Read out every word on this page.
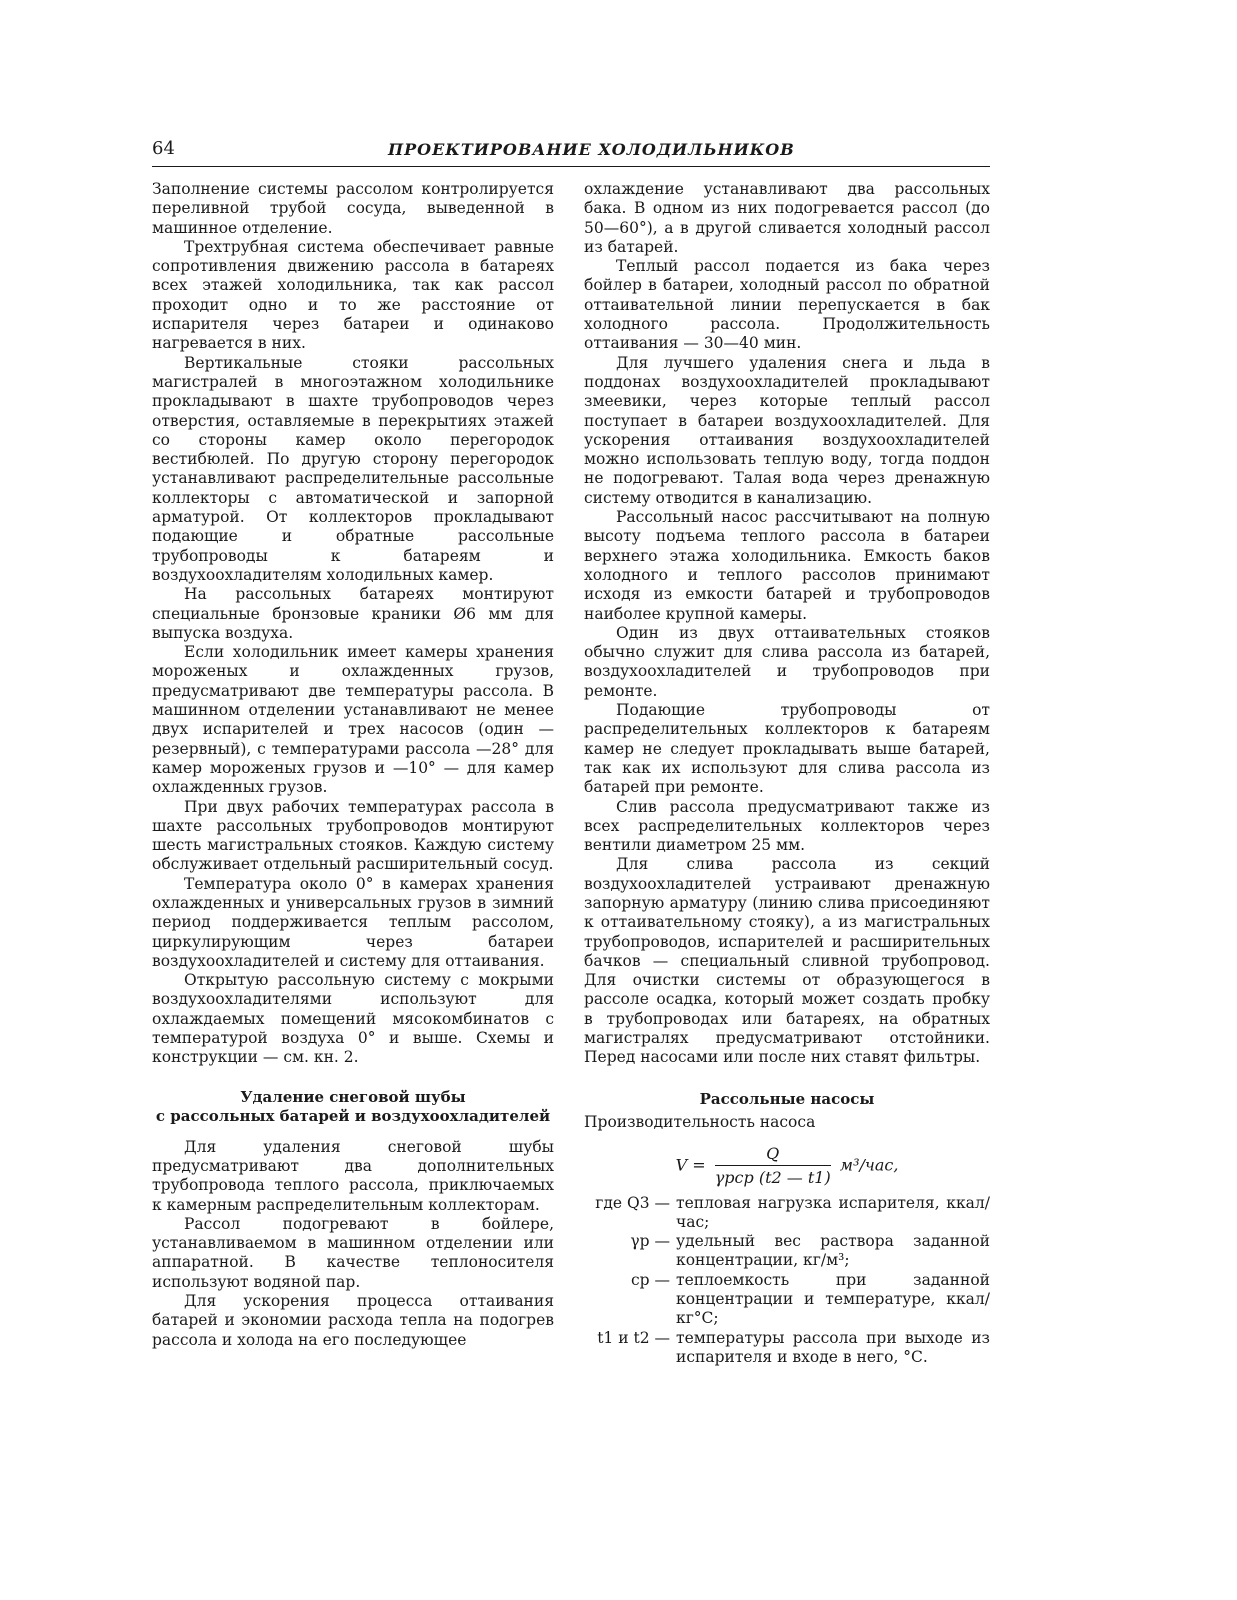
64	ПРОЕКТИРОВАНИЕ ХОЛОДИЛЬНИКОВ

Заполнение системы рассолом контролируется переливной трубой сосуда, выведенной в машинное отделение.

Трехтрубная система обеспечивает равные сопротивления движению рассола в батареях всех этажей холодильника, так как рассол проходит одно и то же расстояние от испарителя через батареи и одинаково нагревается в них.

Вертикальные стояки рассольных магистралей в многоэтажном холодильнике прокладывают в шахте трубопроводов через отверстия, оставляемые в перекрытиях этажей со стороны камер около перегородок вестибюлей. По другую сторону перегородок устанавливают распределительные рассольные коллекторы с автоматической и запорной арматурой. От коллекторов прокладывают подающие и обратные рассольные трубопроводы к батареям и воздухоохладителям холодильных камер.

На рассольных батареях монтируют специальные бронзовые краники Ø6 мм для выпуска воздуха.

Если холодильник имеет камеры хранения мороженых и охлажденных грузов, предусматривают две температуры рассола. В машинном отделении устанавливают не менее двух испарителей и трех насосов (один — резервный), с температурами рассола —28° для камер мороженых грузов и —10° — для камер охлажденных грузов.

При двух рабочих температурах рассола в шахте рассольных трубопроводов монтируют шесть магистральных стояков. Каждую систему обслуживает отдельный расширительный сосуд.

Температура около 0° в камерах хранения охлажденных и универсальных грузов в зимний период поддерживается теплым рассолом, циркулирующим через батареи воздухоохладителей и систему для оттаивания.

Открытую рассольную систему с мокрыми воздухоохладителями используют для охлаждаемых помещений мясокомбинатов с температурой воздуха 0° и выше. Схемы и конструкции — см. кн. 2.

Удаление снеговой шубы
с рассольных батарей и воздухоохладителей

Для удаления снеговой шубы предусматривают два дополнительных трубопровода теплого рассола, приключаемых к камерным распределительным коллекторам.

Рассол подогревают в бойлере, устанавливаемом в машинном отделении или аппаратной. В качестве теплоносителя используют водяной пар.

Для ускорения процесса оттаивания батарей и экономии расхода тепла на подогрев рассола и холода на его последующее

охлаждение устанавливают два рассольных бака. В одном из них подогревается рассол (до 50—60°), а в другой сливается холодный рассол из батарей.

Теплый рассол подается из бака через бойлер в батареи, холодный рассол по обратной оттаивательной линии перепускается в бак холодного рассола. Продолжительность оттаивания — 30—40 мин.

Для лучшего удаления снега и льда в поддонах воздухоохладителей прокладывают змеевики, через которые теплый рассол поступает в батареи воздухоохладителей. Для ускорения оттаивания воздухоохладителей можно использовать теплую воду, тогда поддон не подогревают. Талая вода через дренажную систему отводится в канализацию.

Рассольный насос рассчитывают на полную высоту подъема теплого рассола в батареи верхнего этажа холодильника. Емкость баков холодного и теплого рассолов принимают исходя из емкости батарей и трубопроводов наиболее крупной камеры.

Один из двух оттаивательных стояков обычно служит для слива рассола из батарей, воздухоохладителей и трубопроводов при ремонте.

Подающие трубопроводы от распределительных коллекторов к батареям камер не следует прокладывать выше батарей, так как их используют для слива рассола из батарей при ремонте.

Слив рассола предусматривают также из всех распределительных коллекторов через вентили диаметром 25 мм.

Для слива рассола из секций воздухоохладителей устраивают дренажную запорную арматуру (линию слива присоединяют к оттаивательному стояку), а из магистральных трубопроводов, испарителей и расширительных бачков — специальный сливной трубопровод. Для очистки системы от образующегося в рассоле осадка, который может создать пробку в трубопроводах или батареях, на обратных магистралях предусматривают отстойники. Перед насосами или после них ставят фильтры.

Рассольные насосы

Производительность насоса

$V = \frac{Q}{\text{γpcp (t2 — t1)}} м^3/час$,
где Q3 — тепловая нагрузка испарителя, ккал/час;
γp — удельный вес раствора заданной концентрации, кг/м³;
cp — теплоемкость при заданной концентрации и температуре, ккал/кг°С;
t1 и t2 — температуры рассола при выходе из испарителя и входе в него, °С.
